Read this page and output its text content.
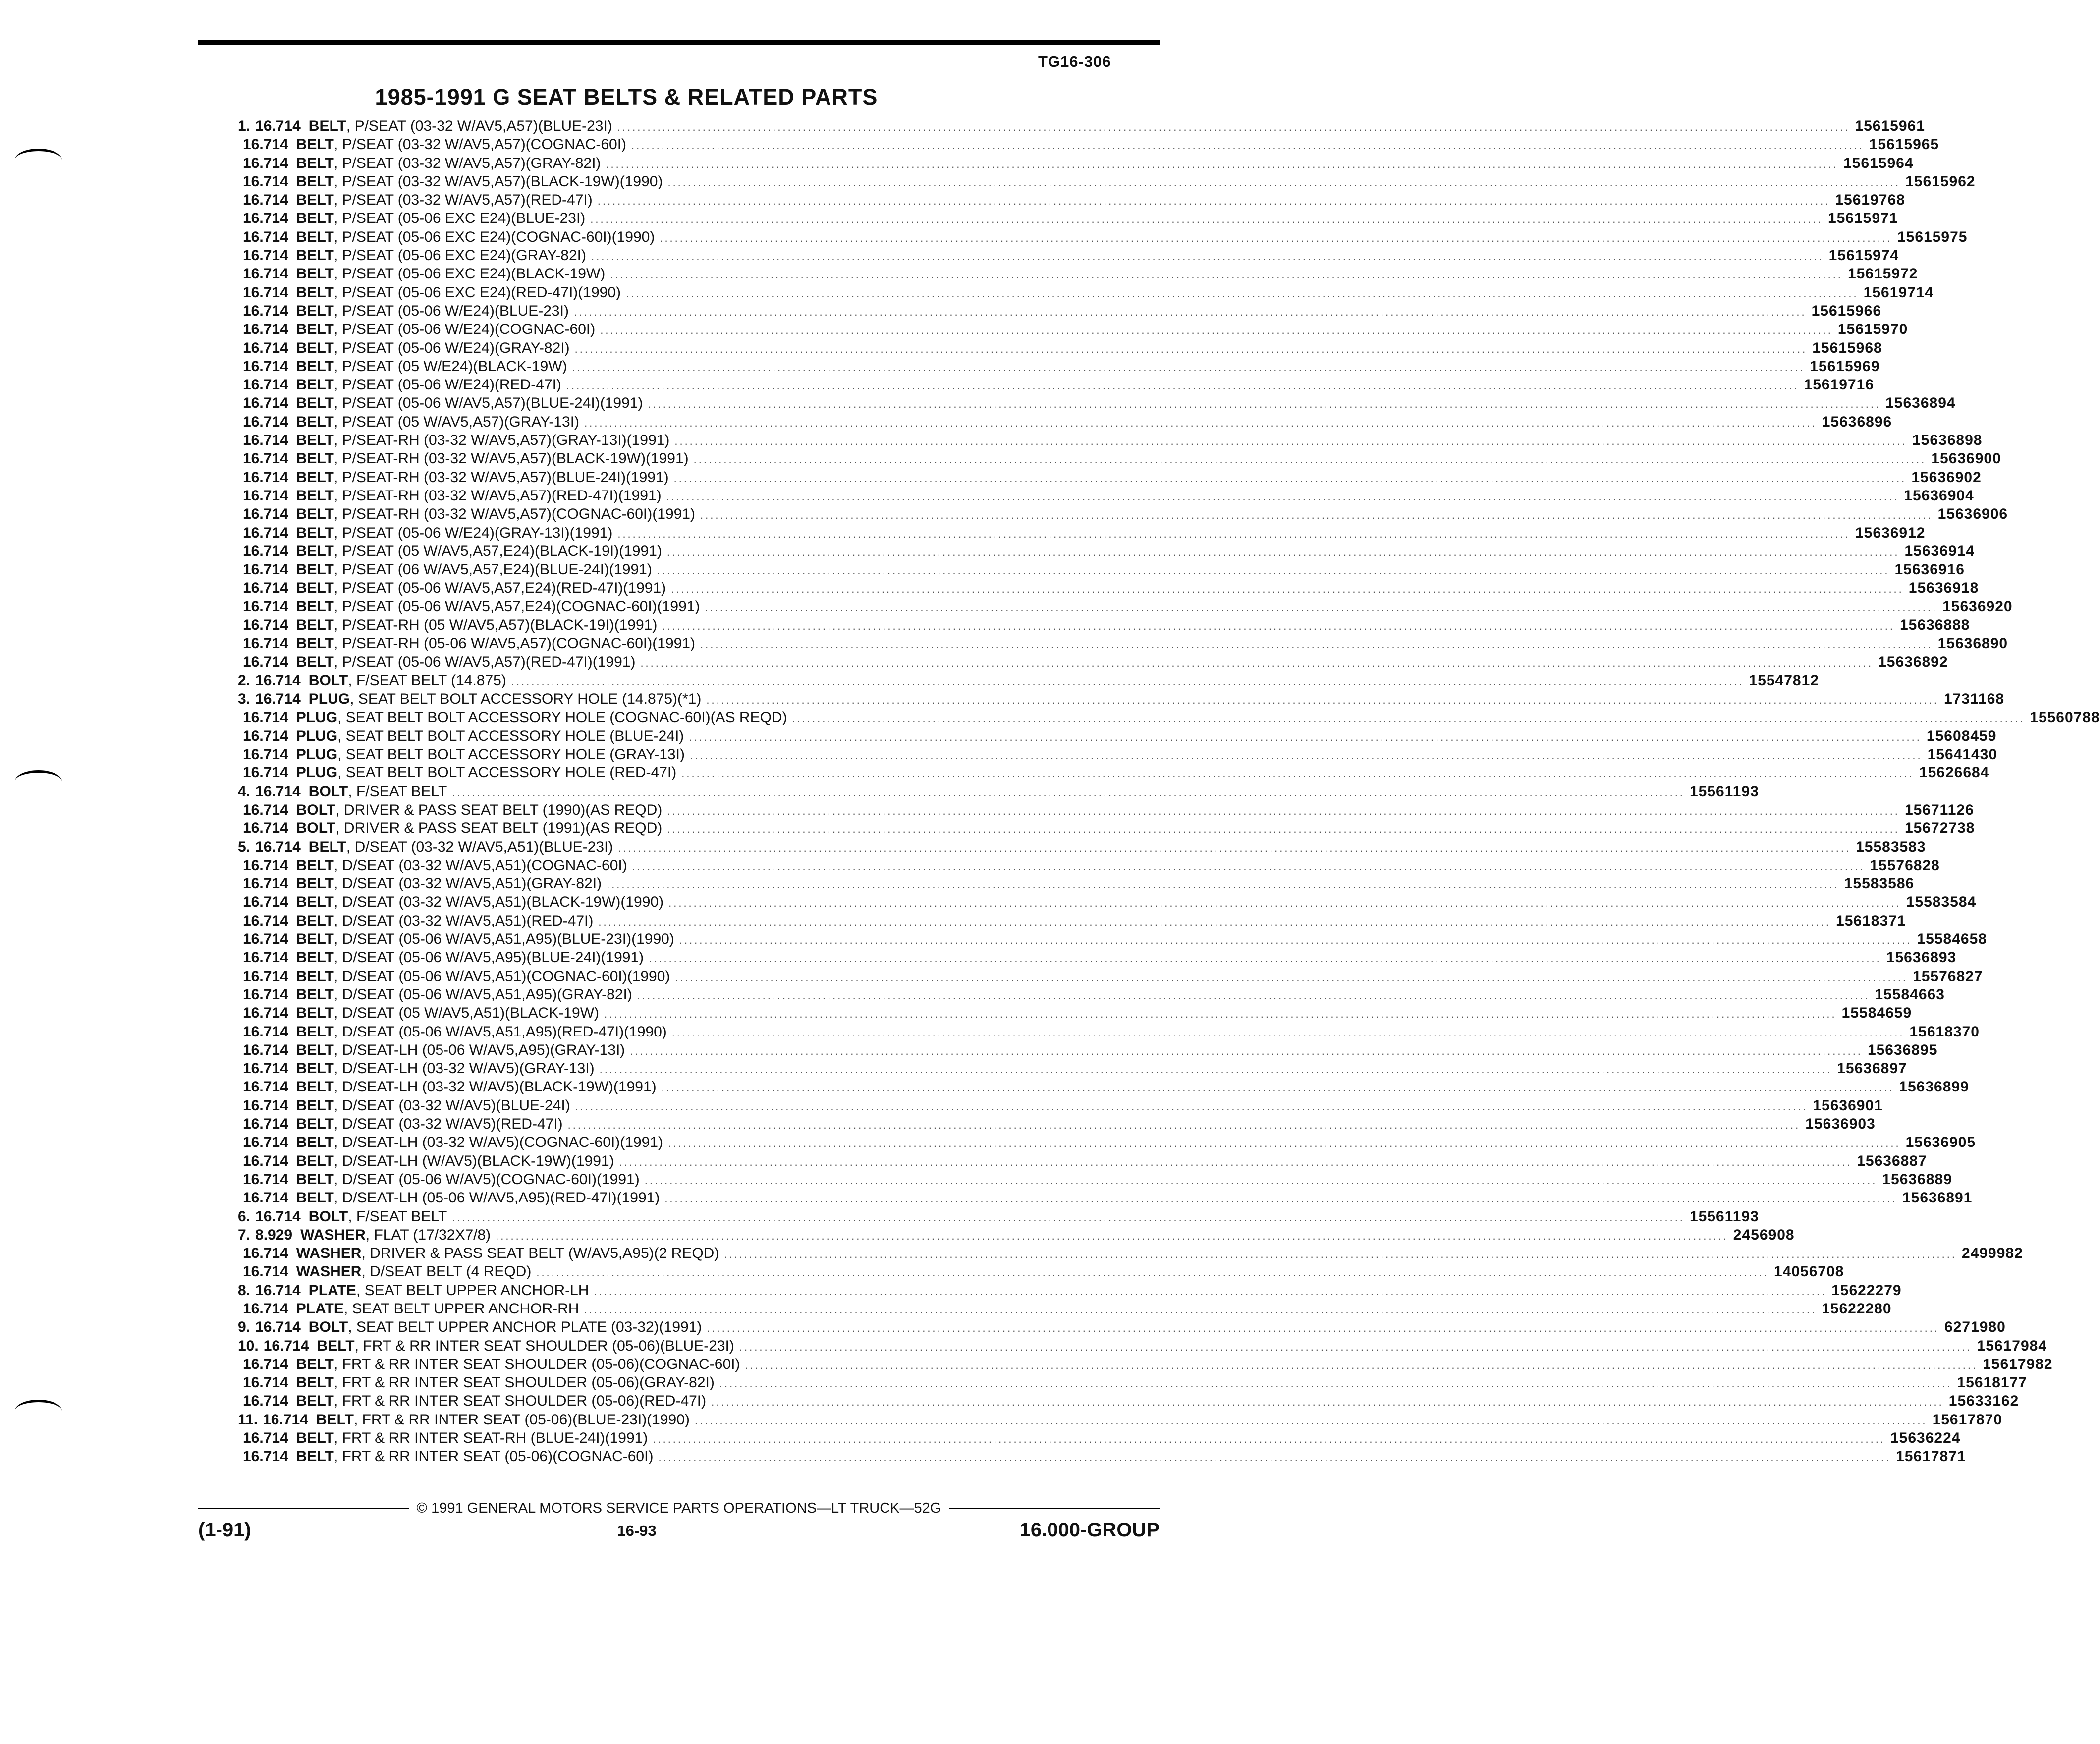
TG16-306
1985-1991 G SEAT BELTS & RELATED PARTS
1. 16.714 BELT , P/SEAT (03-32 W/AV5,A57)(BLUE-23I) .....	15615961
16.714 BELT , P/SEAT (03-32 W/AV5,A57)(COGNAC-60I) .....	15615965
16.714 BELT , P/SEAT (03-32 W/AV5,A57)(GRAY-82I) .....	15615964
16.714 BELT , P/SEAT (03-32 W/AV5,A57)(BLACK-19W)(1990) .....	15615962
16.714 BELT , P/SEAT (03-32 W/AV5,A57)(RED-47I) .....	15619768
16.714 BELT , P/SEAT (05-06 EXC E24)(BLUE-23I) .....	15615971
16.714 BELT , P/SEAT (05-06 EXC E24)(COGNAC-60I)(1990) .....	15615975
16.714 BELT , P/SEAT (05-06 EXC E24)(GRAY-82I) .....	15615974
16.714 BELT , P/SEAT (05-06 EXC E24)(BLACK-19W) .....	15615972
16.714 BELT , P/SEAT (05-06 EXC E24)(RED-47I)(1990) .....	15619714
16.714 BELT , P/SEAT (05-06 W/E24)(BLUE-23I) .....	15615966
16.714 BELT , P/SEAT (05-06 W/E24)(COGNAC-60I) .....	15615970
16.714 BELT , P/SEAT (05-06 W/E24)(GRAY-82I) .....	15615968
16.714 BELT , P/SEAT (05 W/E24)(BLACK-19W) .....	15615969
16.714 BELT , P/SEAT (05-06 W/E24)(RED-47I) .....	15619716
16.714 BELT , P/SEAT (05-06 W/AV5,A57)(BLUE-24I)(1991) .....	15636894
16.714 BELT , P/SEAT (05 W/AV5,A57)(GRAY-13I) .....	15636896
16.714 BELT , P/SEAT-RH (03-32 W/AV5,A57)(GRAY-13I)(1991) .....	15636898
16.714 BELT , P/SEAT-RH (03-32 W/AV5,A57)(BLACK-19W)(1991) .....	15636900
16.714 BELT , P/SEAT-RH (03-32 W/AV5,A57)(BLUE-24I)(1991) .....	15636902
16.714 BELT , P/SEAT-RH (03-32 W/AV5,A57)(RED-47I)(1991) .....	15636904
16.714 BELT , P/SEAT-RH (03-32 W/AV5,A57)(COGNAC-60I)(1991) .....	15636906
16.714 BELT , P/SEAT (05-06 W/E24)(GRAY-13I)(1991) .....	15636912
16.714 BELT , P/SEAT (05 W/AV5,A57,E24)(BLACK-19I)(1991) .....	15636914
16.714 BELT , P/SEAT (06 W/AV5,A57,E24)(BLUE-24I)(1991) .....	15636916
16.714 BELT , P/SEAT (05-06 W/AV5,A57,E24)(RED-47I)(1991) .....	15636918
16.714 BELT , P/SEAT (05-06 W/AV5,A57,E24)(COGNAC-60I)(1991) .....	15636920
16.714 BELT , P/SEAT-RH (05 W/AV5,A57)(BLACK-19I)(1991) .....	15636888
16.714 BELT , P/SEAT-RH (05-06 W/AV5,A57)(COGNAC-60I)(1991) .....	15636890
16.714 BELT , P/SEAT (05-06 W/AV5,A57)(RED-47I)(1991) .....	15636892
2. 16.714 BOLT , F/SEAT BELT (14.875) .....	15547812
3. 16.714 PLUG , SEAT BELT BOLT ACCESSORY HOLE (14.875)(*1) .....	1731168
16.714 PLUG , SEAT BELT BOLT ACCESSORY HOLE (COGNAC-60I)(AS REQD) .....	15560788
16.714 PLUG , SEAT BELT BOLT ACCESSORY HOLE (BLUE-24I) .....	15608459
16.714 PLUG , SEAT BELT BOLT ACCESSORY HOLE (GRAY-13I) .....	15641430
16.714 PLUG , SEAT BELT BOLT ACCESSORY HOLE (RED-47I) .....	15626684
4. 16.714 BOLT , F/SEAT BELT .....	15561193
16.714 BOLT , DRIVER & PASS SEAT BELT (1990)(AS REQD) .....	15671126
16.714 BOLT , DRIVER & PASS SEAT BELT (1991)(AS REQD) .....	15672738
5. 16.714 BELT , D/SEAT (03-32 W/AV5,A51)(BLUE-23I) .....	15583583
16.714 BELT , D/SEAT (03-32 W/AV5,A51)(COGNAC-60I) .....	15576828
16.714 BELT , D/SEAT (03-32 W/AV5,A51)(GRAY-82I) .....	15583586
16.714 BELT , D/SEAT (03-32 W/AV5,A51)(BLACK-19W)(1990) .....	15583584
16.714 BELT , D/SEAT (03-32 W/AV5,A51)(RED-47I) .....	15618371
16.714 BELT , D/SEAT (05-06 W/AV5,A51,A95)(BLUE-23I)(1990) .....	15584658
16.714 BELT , D/SEAT (05-06 W/AV5,A95)(BLUE-24I)(1991) .....	15636893
16.714 BELT , D/SEAT (05-06 W/AV5,A51)(COGNAC-60I)(1990) .....	15576827
16.714 BELT , D/SEAT (05-06 W/AV5,A51,A95)(GRAY-82I) .....	15584663
16.714 BELT , D/SEAT (05 W/AV5,A51)(BLACK-19W) .....	15584659
16.714 BELT , D/SEAT (05-06 W/AV5,A51,A95)(RED-47I)(1990) .....	15618370
16.714 BELT , D/SEAT-LH (05-06 W/AV5,A95)(GRAY-13I) .....	15636895
16.714 BELT , D/SEAT-LH (03-32 W/AV5)(GRAY-13I) .....	15636897
16.714 BELT , D/SEAT-LH (03-32 W/AV5)(BLACK-19W)(1991) .....	15636899
16.714 BELT , D/SEAT (03-32 W/AV5)(BLUE-24I) .....	15636901
16.714 BELT , D/SEAT (03-32 W/AV5)(RED-47I) .....	15636903
16.714 BELT , D/SEAT-LH (03-32 W/AV5)(COGNAC-60I)(1991) .....	15636905
16.714 BELT , D/SEAT-LH (W/AV5)(BLACK-19W)(1991) .....	15636887
16.714 BELT , D/SEAT (05-06 W/AV5)(COGNAC-60I)(1991) .....	15636889
16.714 BELT , D/SEAT-LH (05-06 W/AV5,A95)(RED-47I)(1991) .....	15636891
6. 16.714 BOLT , F/SEAT BELT .....	15561193
7. 8.929 WASHER , FLAT (17/32X7/8) .....	2456908
16.714 WASHER , DRIVER & PASS SEAT BELT (W/AV5,A95)(2 REQD) .....	2499982
16.714 WASHER , D/SEAT BELT (4 REQD) .....	14056708
8. 16.714 PLATE , SEAT BELT UPPER ANCHOR-LH .....	15622279
16.714 PLATE , SEAT BELT UPPER ANCHOR-RH .....	15622280
9. 16.714 BOLT , SEAT BELT UPPER ANCHOR PLATE (03-32)(1991) .....	6271980
10. 16.714 BELT , FRT & RR INTER SEAT SHOULDER (05-06)(BLUE-23I) .....	15617984
16.714 BELT , FRT & RR INTER SEAT SHOULDER (05-06)(COGNAC-60I) .....	15617982
16.714 BELT , FRT & RR INTER SEAT SHOULDER (05-06)(GRAY-82I) .....	15618177
16.714 BELT , FRT & RR INTER SEAT SHOULDER (05-06)(RED-47I) .....	15633162
11. 16.714 BELT , FRT & RR INTER SEAT (05-06)(BLUE-23I)(1990) .....	15617870
16.714 BELT , FRT & RR INTER SEAT-RH (BLUE-24I)(1991) .....	15636224
16.714 BELT , FRT & RR INTER SEAT (05-06)(COGNAC-60I) .....	15617871
© 1991 GENERAL MOTORS SERVICE PARTS OPERATIONS—LT TRUCK—52G
(1-91)	16-93	16.000-GROUP
